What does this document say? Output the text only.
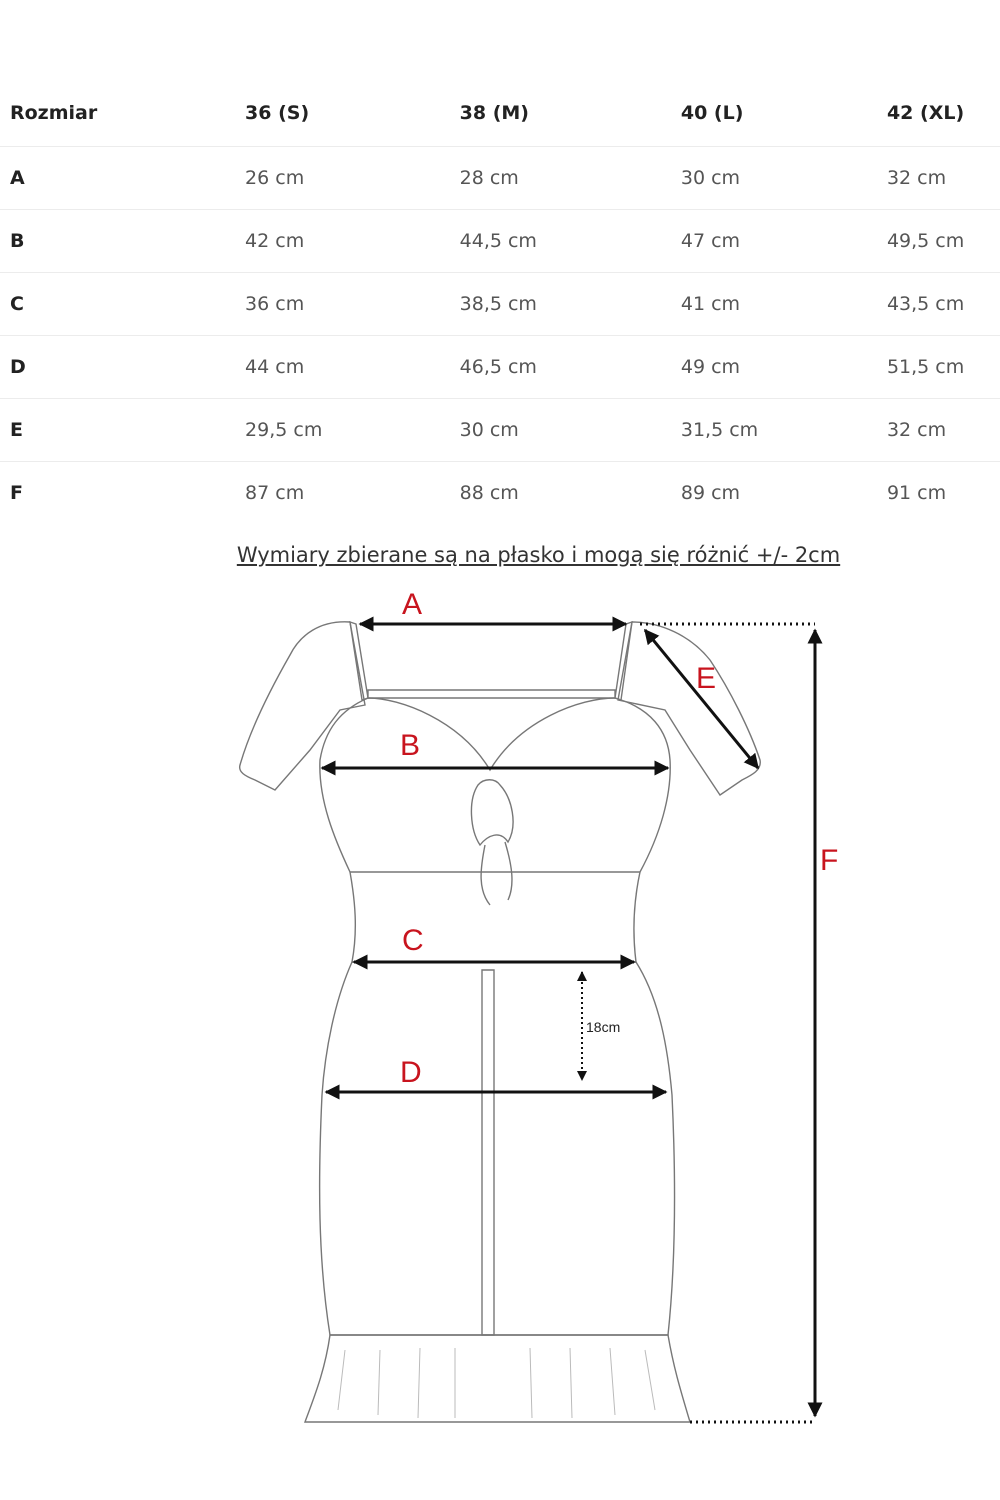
Rozmiar	36 (S)	38 (M)	40 (L)	42 (XL)
A	26 cm	28 cm	30 cm	32 cm
B	42 cm	44,5 cm	47 cm	49,5 cm
C	36 cm	38,5 cm	41 cm	43,5 cm
D	44 cm	46,5 cm	49 cm	51,5 cm
E	29,5 cm	30 cm	31,5 cm	32 cm
F	87 cm	88 cm	89 cm	91 cm
Wymiary zbierane są na płasko i mogą się różnić +/- 2cm
A
B
C
D
E
F
18cm
